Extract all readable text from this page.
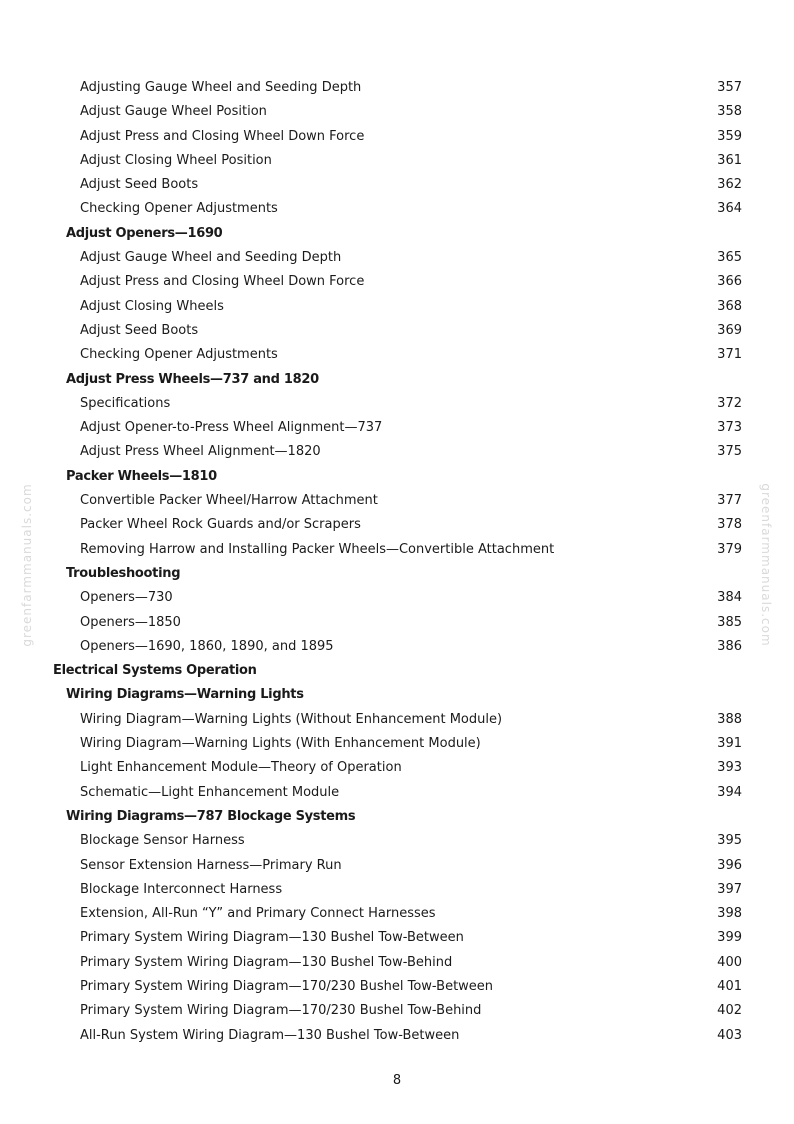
Adjusting Gauge Wheel and Seeding Depth	357
Adjust Gauge Wheel Position	358
Adjust Press and Closing Wheel Down Force	359
Adjust Closing Wheel Position	361
Adjust Seed Boots	362
Checking Opener Adjustments	364
Adjust Openers—1690
Adjust Gauge Wheel and Seeding Depth	365
Adjust Press and Closing Wheel Down Force	366
Adjust Closing Wheels	368
Adjust Seed Boots	369
Checking Opener Adjustments	371
Adjust Press Wheels—737 and 1820
Specifications	372
Adjust Opener-to-Press Wheel Alignment—737	373
Adjust Press Wheel Alignment—1820	375
Packer Wheels—1810
Convertible Packer Wheel/Harrow Attachment	377
Packer Wheel Rock Guards and/or Scrapers	378
Removing Harrow and Installing Packer Wheels—Convertible Attachment	379
Troubleshooting
Openers—730	384
Openers—1850	385
Openers—1690, 1860, 1890, and 1895	386
Electrical Systems Operation
Wiring Diagrams—Warning Lights
Wiring Diagram—Warning Lights (Without Enhancement Module)	388
Wiring Diagram—Warning Lights (With Enhancement Module)	391
Light Enhancement Module—Theory of Operation	393
Schematic—Light Enhancement Module	394
Wiring Diagrams—787 Blockage Systems
Blockage Sensor Harness	395
Sensor Extension Harness—Primary Run	396
Blockage Interconnect Harness	397
Extension, All-Run “Y” and Primary Connect Harnesses	398
Primary System Wiring Diagram—130 Bushel Tow-Between	399
Primary System Wiring Diagram—130 Bushel Tow-Behind	400
Primary System Wiring Diagram—170/230 Bushel Tow-Between	401
Primary System Wiring Diagram—170/230 Bushel Tow-Behind	402
All-Run System Wiring Diagram—130 Bushel Tow-Between	403
8
greenfarmmanuals.com	greenfarmmanuals.com
